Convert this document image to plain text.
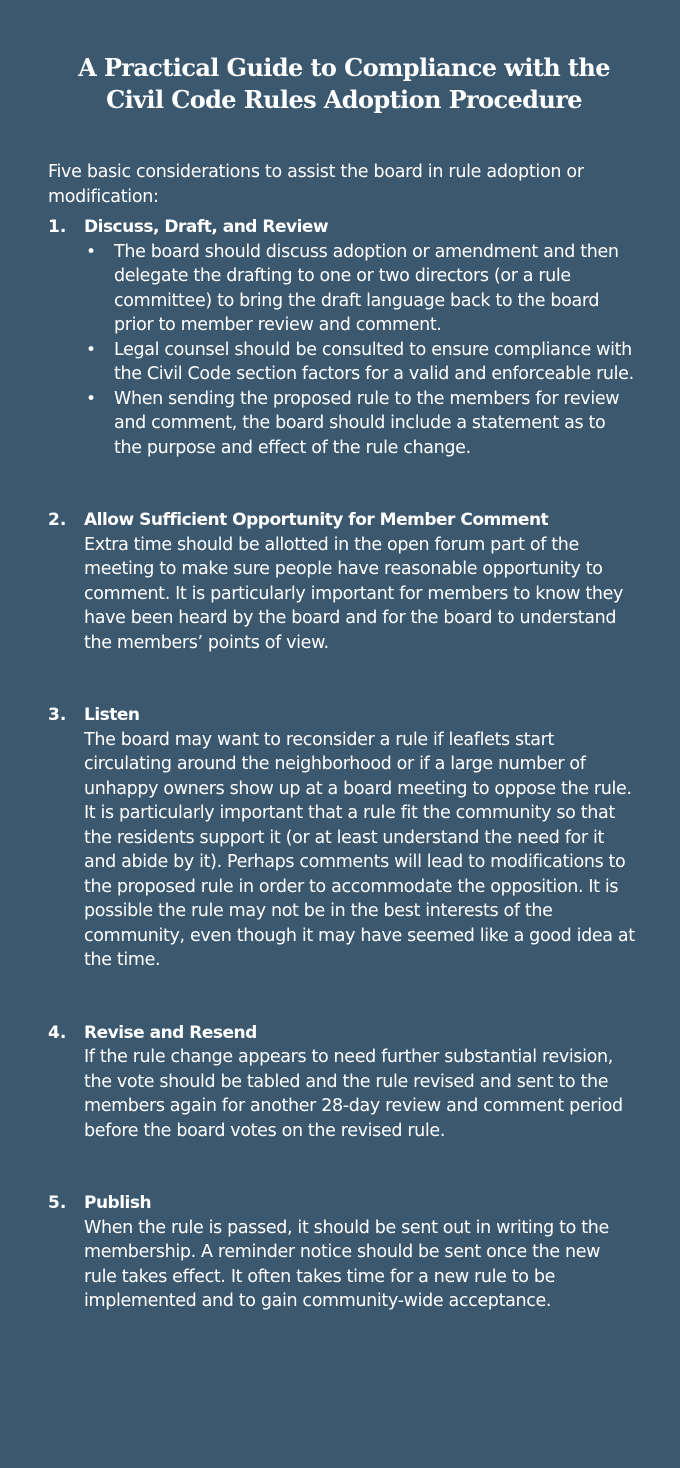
A Practical Guide to Compliance with the
Civil Code Rules Adoption Procedure

Five basic considerations to assist the board in rule adoption or modification:

1. Discuss, Draft, and Review
• The board should discuss adoption or amendment and then delegate the drafting to one or two directors (or a rule committee) to bring the draft language back to the board prior to member review and comment.
• Legal counsel should be consulted to ensure compliance with the Civil Code section factors for a valid and enforceable rule.
• When sending the proposed rule to the members for review and comment, the board should include a statement as to the purpose and effect of the rule change.
2. Allow Sufficient Opportunity for Member Comment
Extra time should be allotted in the open forum part of the meeting to make sure people have reasonable opportunity to comment. It is particularly important for members to know they have been heard by the board and for the board to understand the members’ points of view.
3. Listen
The board may want to reconsider a rule if leaflets start circulating around the neighborhood or if a large number of unhappy owners show up at a board meeting to oppose the rule. It is particularly important that a rule fit the community so that the residents support it (or at least understand the need for it and abide by it). Perhaps comments will lead to modifications to the proposed rule in order to accommodate the opposition. It is possible the rule may not be in the best interests of the community, even though it may have seemed like a good idea at the time.
4. Revise and Resend
If the rule change appears to need further substantial revision, the vote should be tabled and the rule revised and sent to the members again for another 28-day review and comment period before the board votes on the revised rule.
5. Publish
When the rule is passed, it should be sent out in writing to the membership. A reminder notice should be sent once the new rule takes effect. It often takes time for a new rule to be implemented and to gain community-wide acceptance.
